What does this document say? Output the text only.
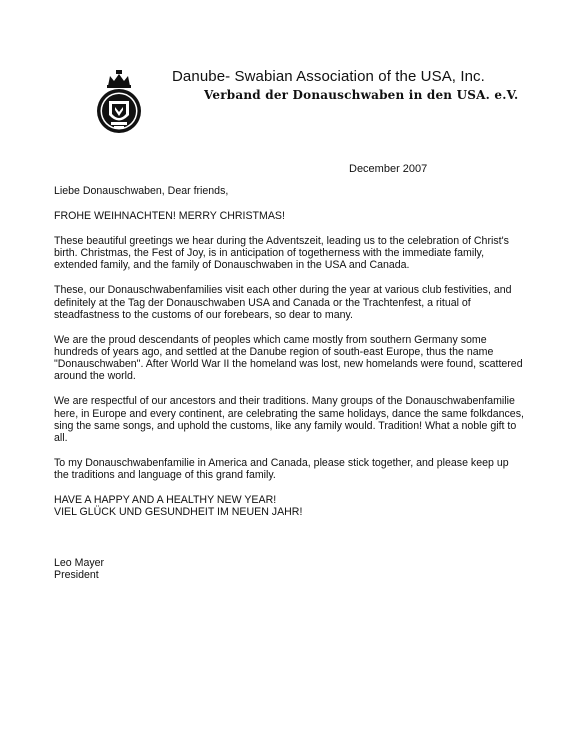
Danube- Swabian Association of the USA, Inc.
Verband der Donauschwaben in den USA. e.V.
December 2007

Liebe Donauschwaben, Dear friends,

FROHE WEIHNACHTEN! MERRY CHRISTMAS!

These beautiful greetings we hear during the Adventszeit, leading us to the celebration of Christ's birth. Christmas, the Fest of Joy, is in anticipation of togetherness with the immediate family, extended family, and the family of Donauschwaben in the USA and Canada.

These, our Donauschwabenfamilies visit each other during the year at various club festivities, and definitely at the Tag der Donauschwaben USA and Canada or the Trachtenfest, a ritual of steadfastness to the customs of our forebears, so dear to many.

We are the proud descendants of peoples which came mostly from southern Germany some hundreds of years ago, and settled at the Danube region of south-east Europe, thus the name "Donauschwaben". After World War II the homeland was lost, new homelands were found, scattered around the world.

We are respectful of our ancestors and their traditions. Many groups of the Donauschwabenfamilie here, in Europe and every continent, are celebrating the same holidays, dance the same folkdances, sing the same songs, and uphold the customs, like any family would. Tradition! What a noble gift to all.

To my Donauschwabenfamilie in America and Canada, please stick together, and please keep up the traditions and language of this grand family.

HAVE A HAPPY AND A HEALTHY NEW YEAR!
VIEL GLÜCK UND GESUNDHEIT IM NEUEN JAHR!

Leo Mayer
President
